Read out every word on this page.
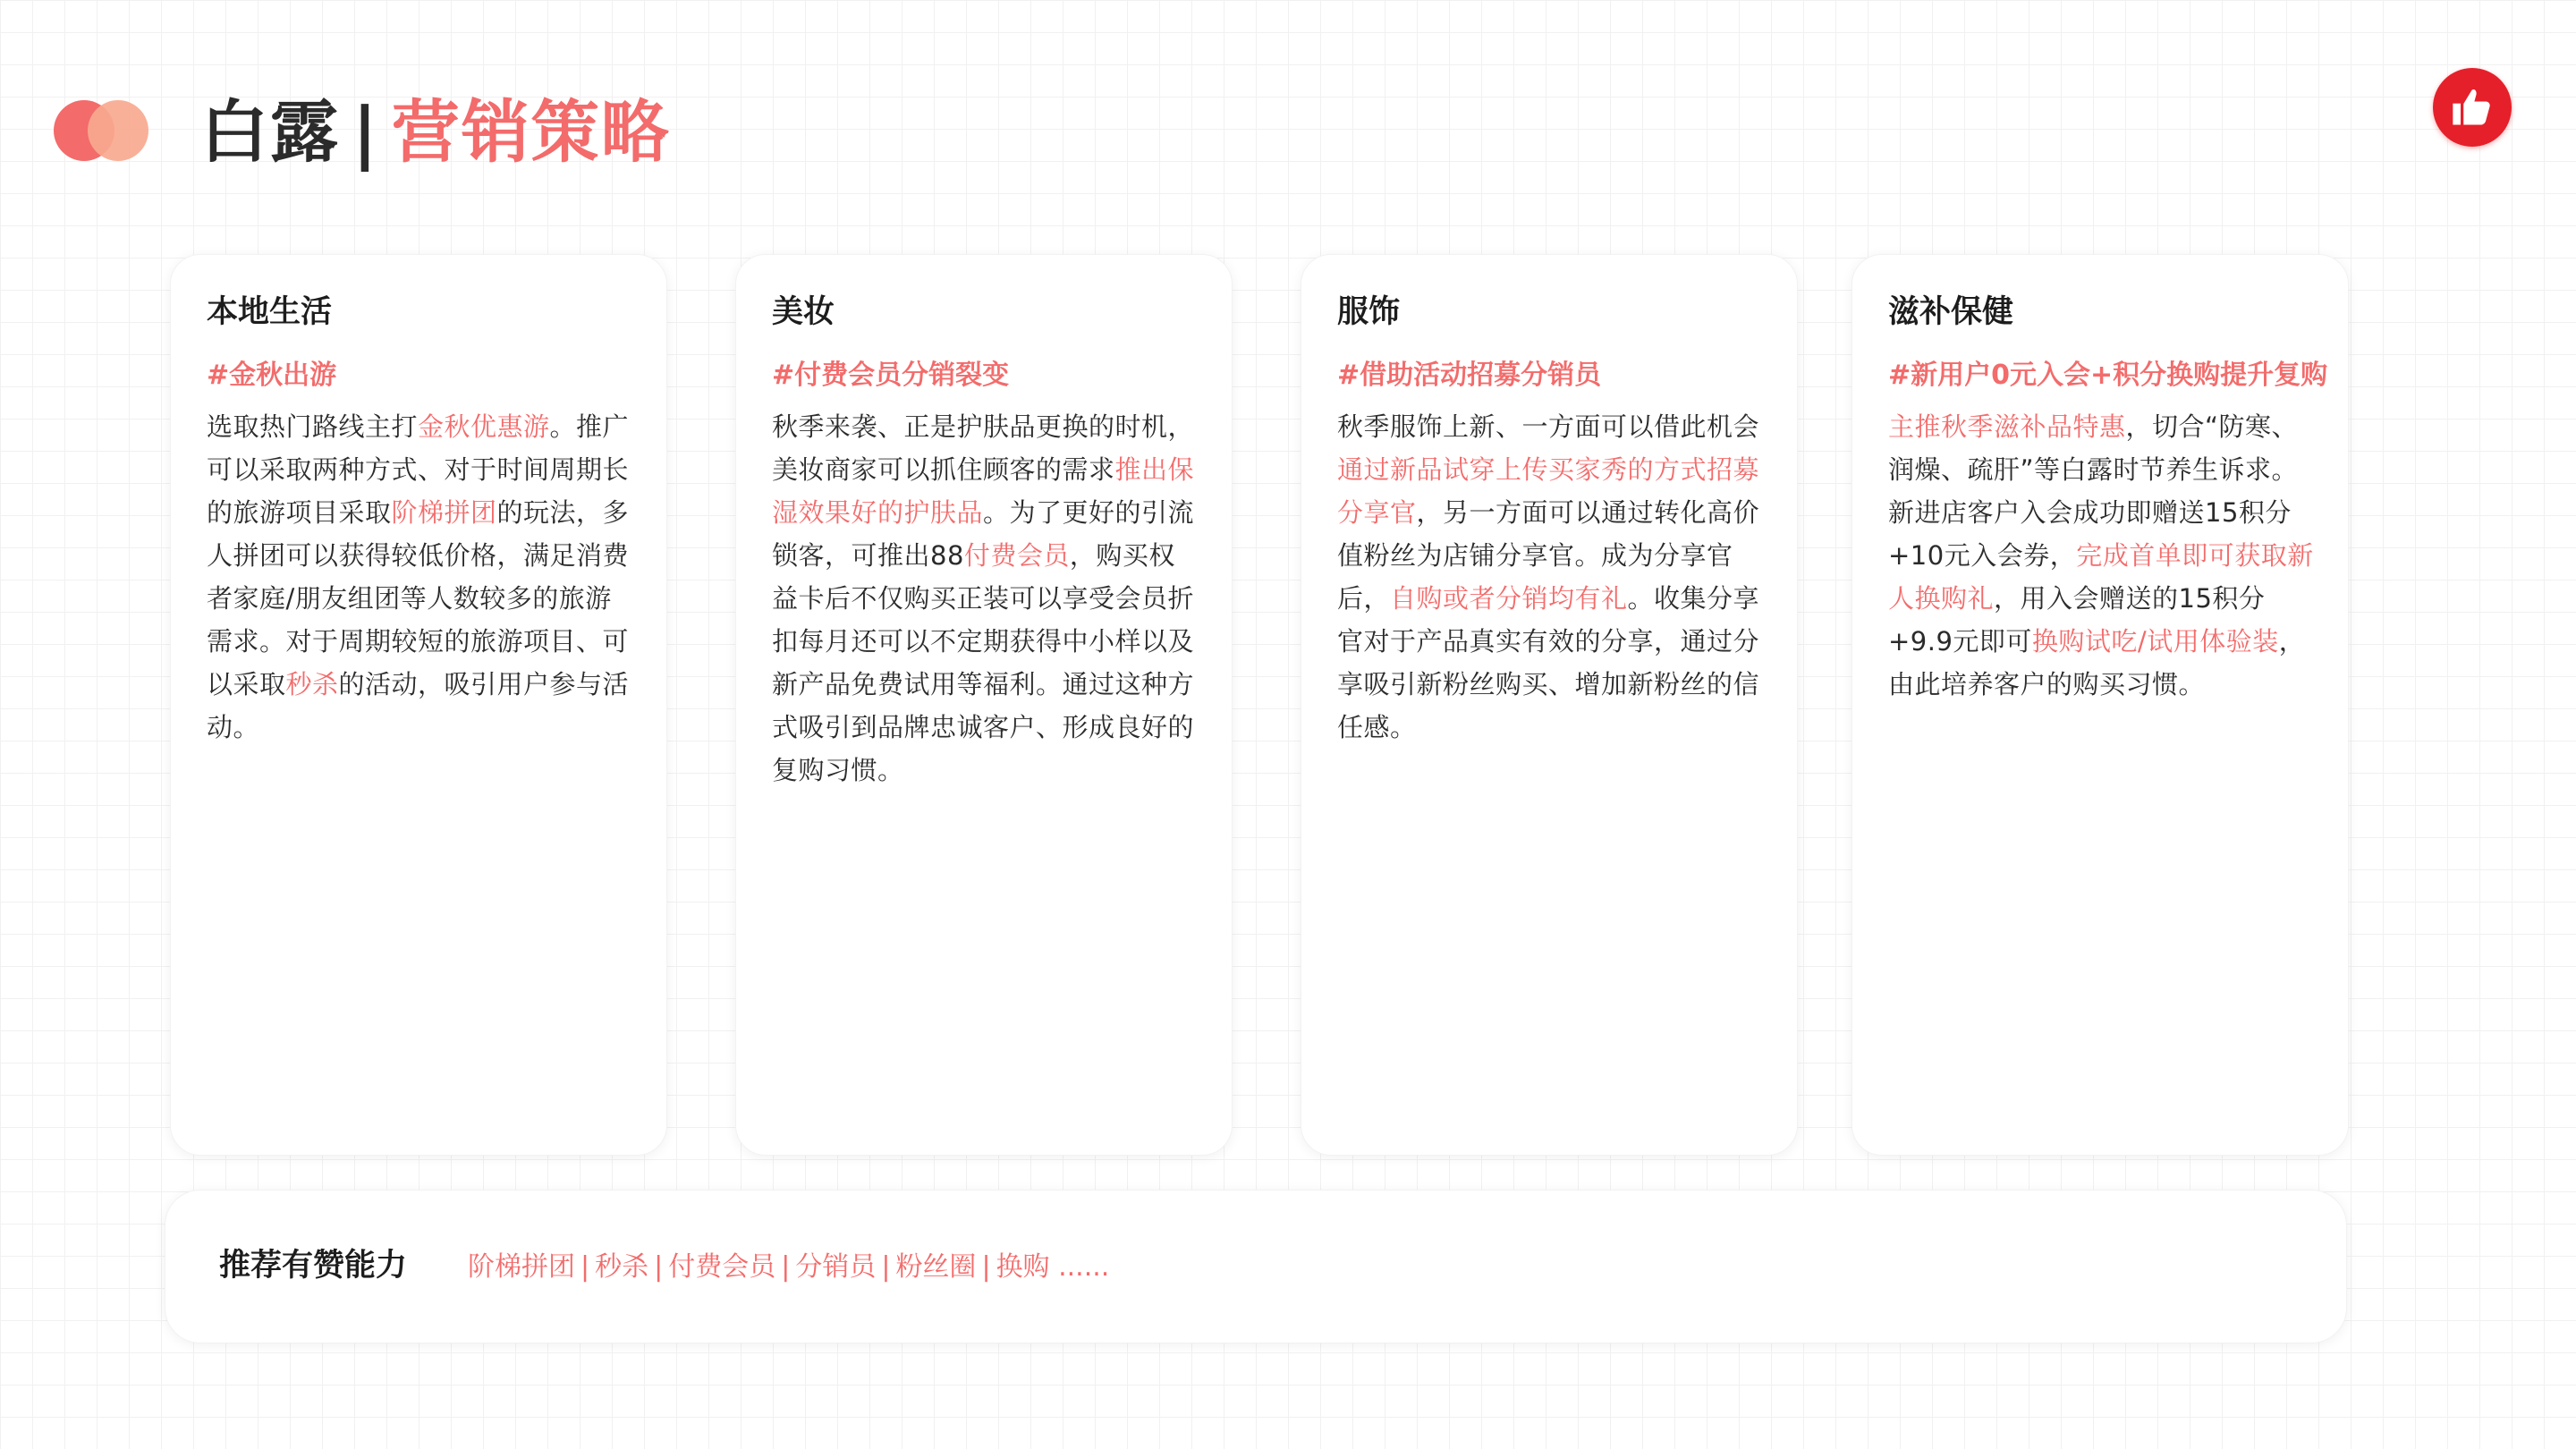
白露 | 营销策略
本地生活
#金秋出游
选取热门路线主打金秋优惠游。推广可以采取两种方式、对于时间周期长的旅游项目采取阶梯拼团的玩法，多人拼团可以获得较低价格，满足消费者家庭/朋友组团等人数较多的旅游需求。对于周期较短的旅游项目、可以采取秒杀的活动，吸引用户参与活动。
美妆
#付费会员分销裂变
秋季来袭、正是护肤品更换的时机，美妆商家可以抓住顾客的需求推出保湿效果好的护肤品。为了更好的引流锁客，可推出88付费会员，购买权益卡后不仅购买正装可以享受会员折扣每月还可以不定期获得中小样以及新产品免费试用等福利。通过这种方式吸引到品牌忠诚客户、形成良好的复购习惯。
服饰
#借助活动招募分销员
秋季服饰上新、一方面可以借此机会通过新品试穿上传买家秀的方式招募分享官，另一方面可以通过转化高价值粉丝为店铺分享官。成为分享官后，自购或者分销均有礼。收集分享官对于产品真实有效的分享，通过分享吸引新粉丝购买、增加新粉丝的信任感。
滋补保健
#新用户0元入会+积分换购提升复购
主推秋季滋补品特惠，切合“防寒、润燥、疏肝”等白露时节养生诉求。新进店客户入会成功即赠送15积分+10元入会券，完成首单即可获取新人换购礼，用入会赠送的15积分+9.9元即可换购试吃/试用体验装，由此培养客户的购买习惯。
推荐有赞能力 阶梯拼团 | 秒杀 | 付费会员 | 分销员 | 粉丝圈 | 换购 ......
